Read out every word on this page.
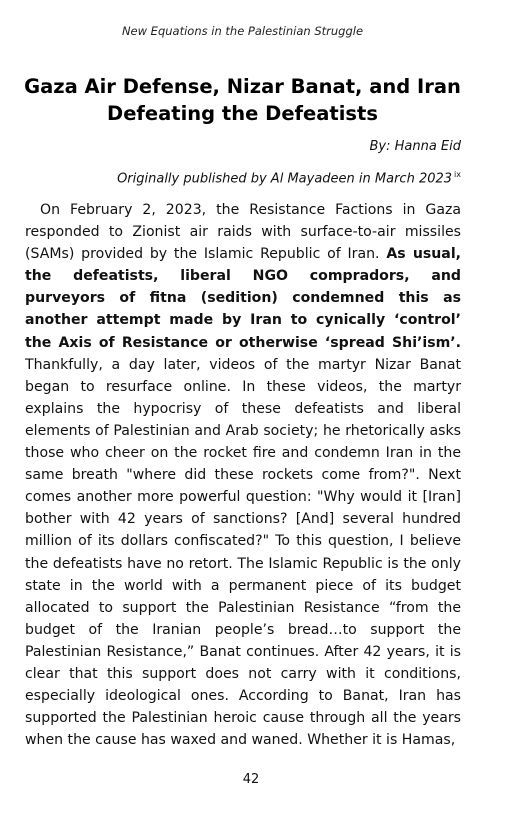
New Equations in the Palestinian Struggle
Gaza Air Defense, Nizar Banat, and Iran
Defeating the Defeatists
By: Hanna Eid
Originally published by Al Mayadeen in March 2023 $^{ix}$
On February 2, 2023, the Resistance Factions in Gaza responded to Zionist air raids with surface-to-air missiles (SAMs) provided by the Islamic Republic of Iran. As usual, the defeatists, liberal NGO compradors, and purveyors of fitna (sedition) condemned this as another attempt made by Iran to cynically ‘control’ the Axis of Resistance or otherwise ‘spread Shi’ism’. Thankfully, a day later, videos of the martyr Nizar Banat began to resurface online. In these videos, the martyr explains the hypocrisy of these defeatists and liberal elements of Palestinian and Arab society; he rhetorically asks those who cheer on the rocket fire and condemn Iran in the same breath "where did these rockets come from?". Next comes another more powerful question: "Why would it [Iran] bother with 42 years of sanctions? [And] several hundred million of its dollars confiscated?" To this question, I believe the defeatists have no retort. The Islamic Republic is the only state in the world with a permanent piece of its budget allocated to support the Palestinian Resistance “from the budget of the Iranian people’s bread…to support the Palestinian Resistance,” Banat continues. After 42 years, it is clear that this support does not carry with it conditions, especially ideological ones. According to Banat, Iran has supported the Palestinian heroic cause through all the years when the cause has waxed and waned. Whether it is Hamas,
42
